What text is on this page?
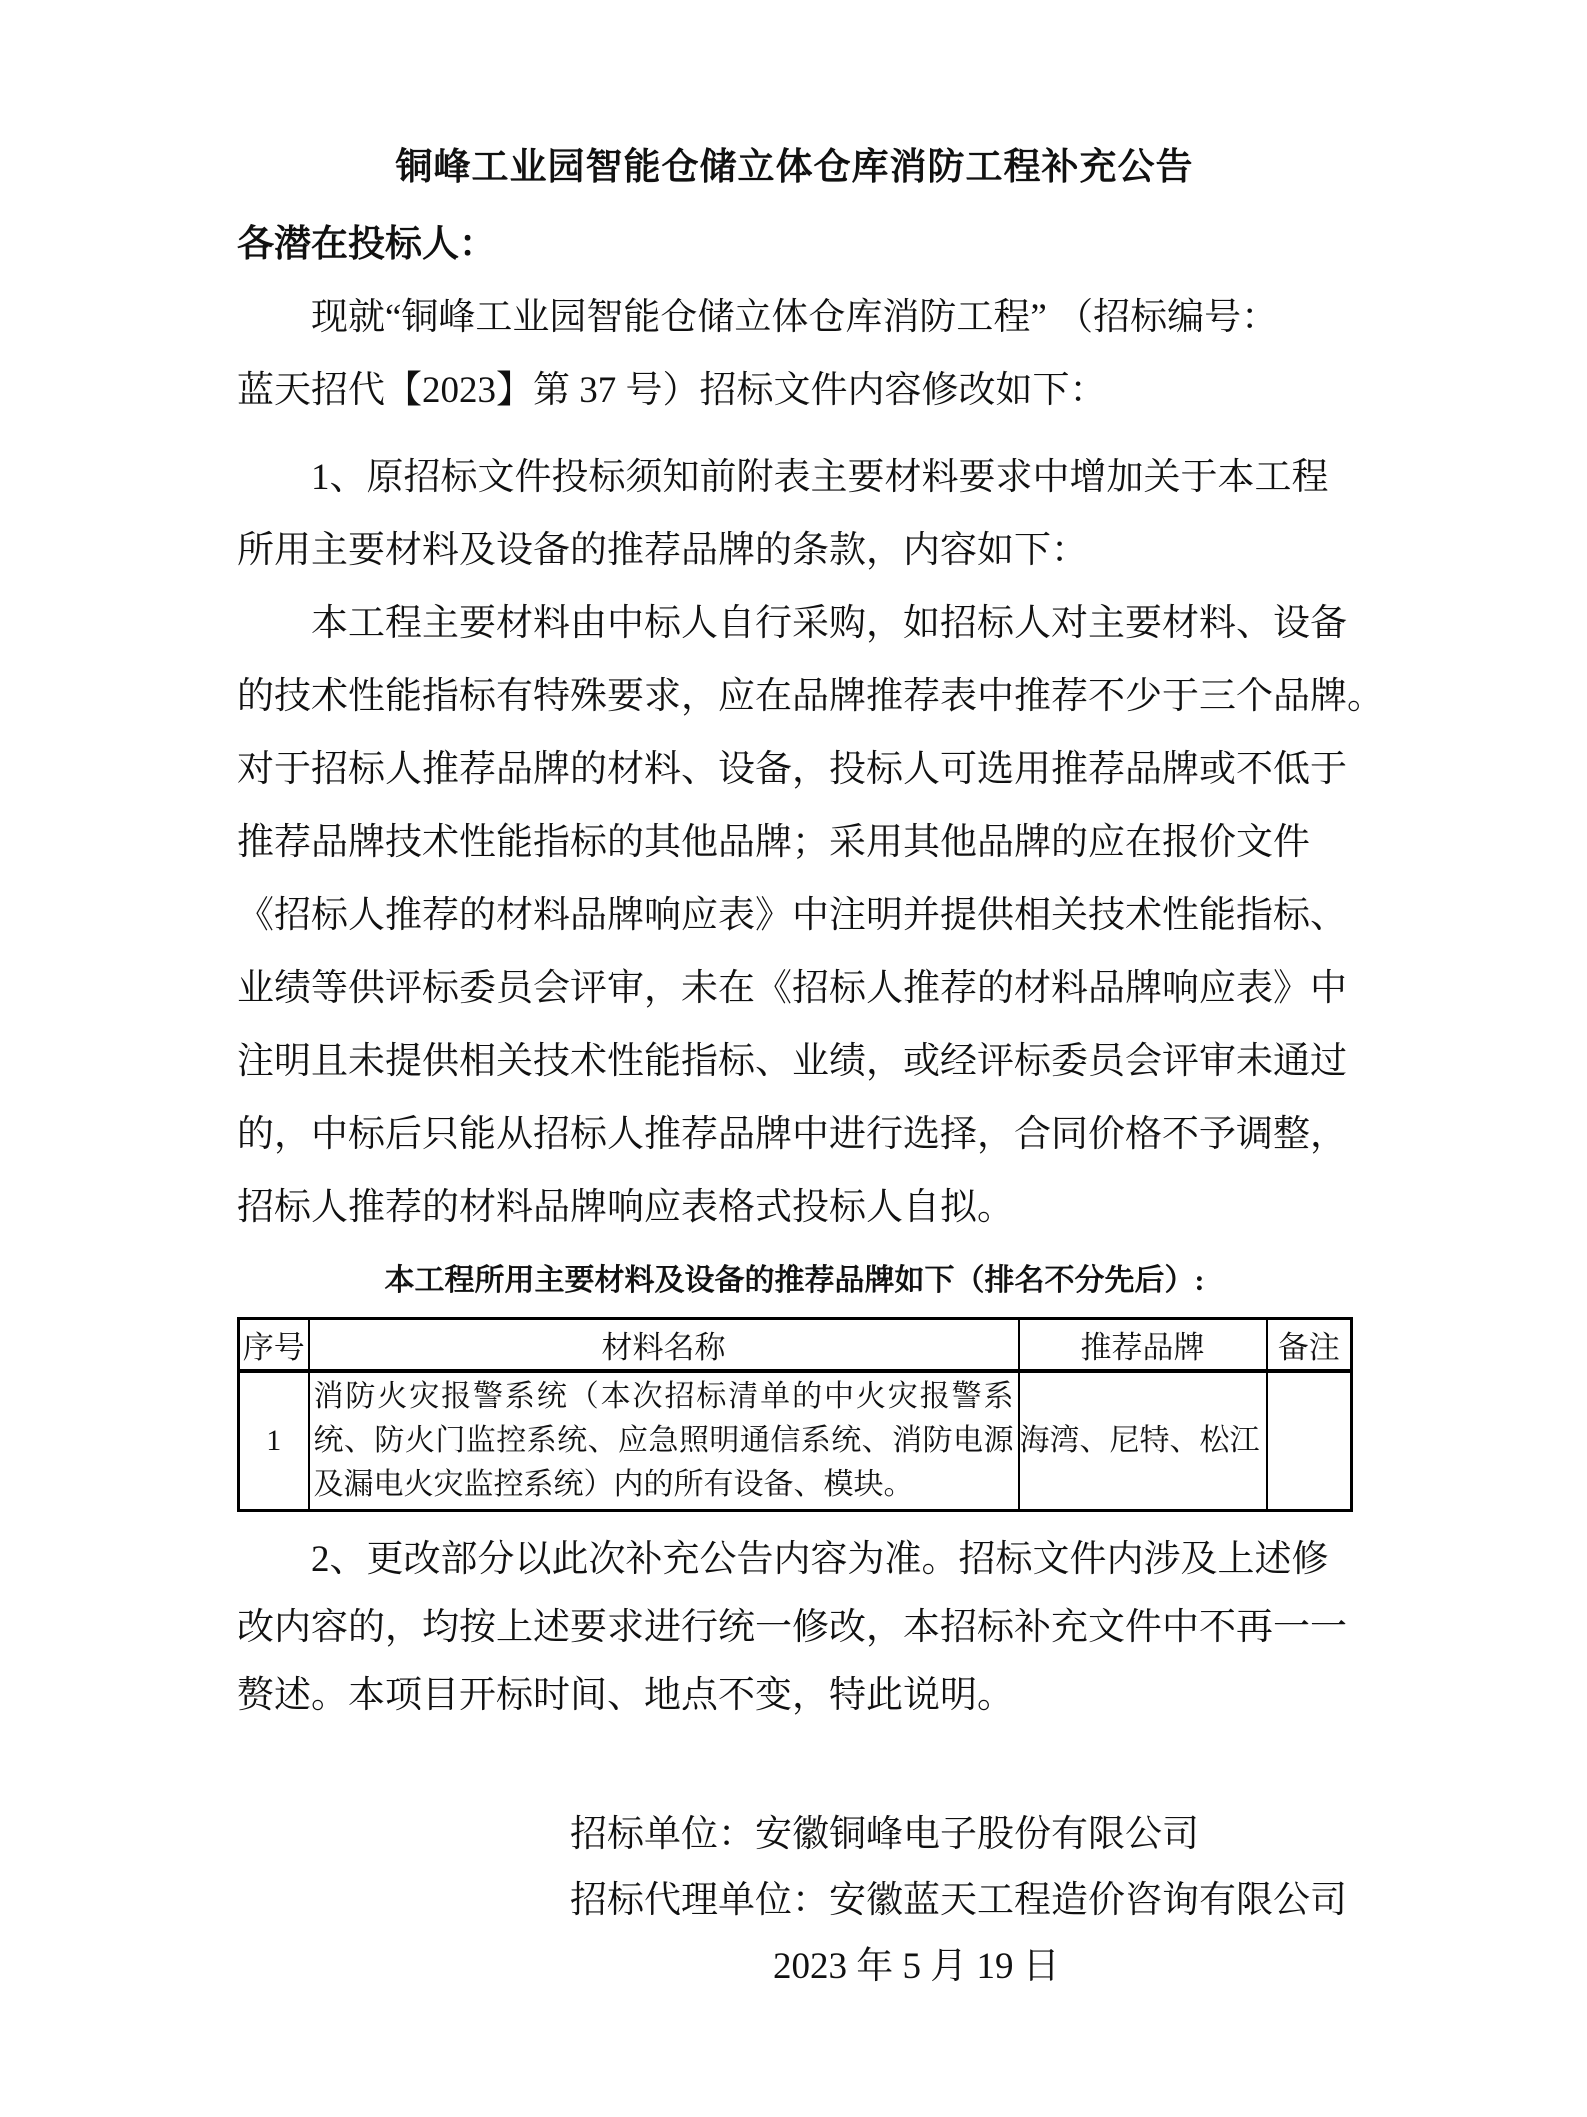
铜峰工业园智能仓储立体仓库消防工程补充公告
各潜在投标人：
现就“铜峰工业园智能仓储立体仓库消防工程” （招标编号：
蓝天招代【2023】第 37 号）招标文件内容修改如下：
1、原招标文件投标须知前附表主要材料要求中增加关于本工程
所用主要材料及设备的推荐品牌的条款，内容如下：
本工程主要材料由中标人自行采购，如招标人对主要材料、设备
的技术性能指标有特殊要求，应在品牌推荐表中推荐不少于三个品牌。
对于招标人推荐品牌的材料、设备，投标人可选用推荐品牌或不低于
推荐品牌技术性能指标的其他品牌；采用其他品牌的应在报价文件
《招标人推荐的材料品牌响应表》中注明并提供相关技术性能指标、
业绩等供评标委员会评审，未在《招标人推荐的材料品牌响应表》中
注明且未提供相关技术性能指标、业绩，或经评标委员会评审未通过
的，中标后只能从招标人推荐品牌中进行选择，合同价格不予调整，
招标人推荐的材料品牌响应表格式投标人自拟。
本工程所用主要材料及设备的推荐品牌如下（排名不分先后）:
序号	材料名称	推荐品牌	备注
1	消防火灾报警系统（本次招标清单的中火灾报警系统、防火门监控系统、应急照明通信系统、消防电源及漏电火灾监控系统）内的所有设备、模块。	海湾、尼特、松江	
2、更改部分以此次补充公告内容为准。招标文件内涉及上述修
改内容的，均按上述要求进行统一修改，本招标补充文件中不再一一
赘述。本项目开标时间、地点不变，特此说明。
招标单位：安徽铜峰电子股份有限公司
招标代理单位：安徽蓝天工程造价咨询有限公司
2023 年 5 月 19 日
